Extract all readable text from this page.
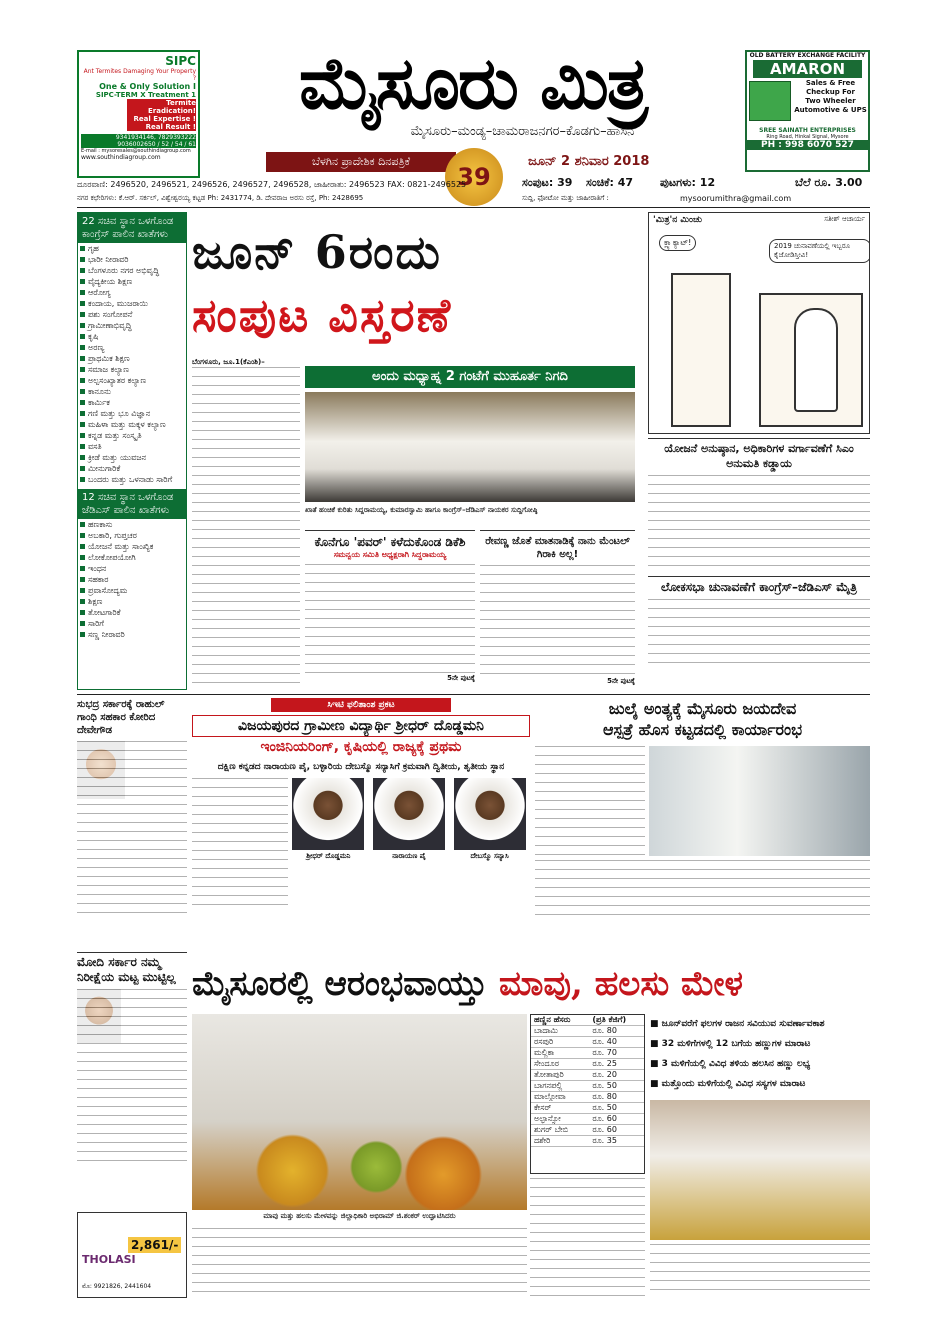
SIPC
Ant Termites Damaging Your Property ?
One & Only Solution I
SIPC-TERM X Treatment 1
Termite Eradication!
Real Expertise !
Real Result !
9341934146, 7829393222
9036002650 / 52 / 54 / 61
E-mail : mysoresales@southindiagroup.com
www.southindiagroup.com
ಮೈಸೂರು ಮಿತ್ರ
ಮೈಸೂರು–ಮಂಡ್ಯ–ಚಾಮರಾಜನಗರ–ಕೊಡಗು–ಹಾಸನ
ಬೆಳಗಿನ ಪ್ರಾದೇಶಿಕ ದಿನಪತ್ರಿಕೆ
39
ಜೂನ್ 2 ಶನಿವಾರ 2018
OLD BATTERY EXCHANGE FACILITY
AMARON
Sales & Free
Checkup For
Two Wheeler
Automotive & UPS
SREE SAINATH ENTERPRISES
Ring Road, Hinkal Signal, Mysore
PH : 998 6070 527
ಸಂಪುಟ: 39 ಸಂಚಿಕೆ: 47 ಪುಟಗಳು: 12	ಬೆಲೆ ರೂ. 3.00
ದೂರವಾಣಿ: 2496520, 2496521, 2496526, 2496527, 2496528, ಜಾಹೀರಾತು: 2496523 FAX: 0821-2496525
ನಗರ ಕಛೇರಿಗಳು: ಕೆ.ಆರ್. ಸರ್ಕಲ್, ವಿಶ್ವೇಶ್ವರಯ್ಯ ಕಟ್ಟಡ Ph: 2431774, ಡಿ. ದೇವರಾಜ ಅರಸು ರಸ್ತೆ, Ph: 2428695	ಸುದ್ದಿ, ಫೋಟೋ ಮತ್ತು ಜಾಹೀರಾತಿಗೆ :	mysoorumithra@gmail.com
22 ಸಚಿವ ಸ್ಥಾನ ಒಳಗೊಂಡ ಕಾಂಗ್ರೆಸ್ ಪಾಲಿನ ಖಾತೆಗಳು
ಗೃಹ
ಭಾರೀ ನೀರಾವರಿ
ಬೆಂಗಳೂರು ನಗರ ಅಭಿವೃದ್ಧಿ
ವೈದ್ಯಕೀಯ ಶಿಕ್ಷಣ
ಆರೋಗ್ಯ
ಕಂದಾಯ, ಮುಜರಾಯಿ
ಪಶು ಸಂಗೋಪನೆ
ಗ್ರಾಮೀಣಾಭಿವೃದ್ಧಿ
ಕೃಷಿ
ಅರಣ್ಯ
ಪ್ರಾಥಮಿಕ ಶಿಕ್ಷಣ
ಸಮಾಜ ಕಲ್ಯಾಣ
ಅಲ್ಪಸಂಖ್ಯಾತರ ಕಲ್ಯಾಣ
ಕಾನೂನು
ಕಾರ್ಮಿಕ
ಗಣಿ ಮತ್ತು ಭೂ ವಿಜ್ಞಾನ
ಮಹಿಳಾ ಮತ್ತು ಮಕ್ಕಳ ಕಲ್ಯಾಣ
ಕನ್ನಡ ಮತ್ತು ಸಂಸ್ಕೃತಿ
ವಸತಿ
ಕ್ರೀಡೆ ಮತ್ತು ಯುವಜನ
ಮೀನುಗಾರಿಕೆ
ಬಂದರು ಮತ್ತು ಒಳನಾಡು ಸಾರಿಗೆ
12 ಸಚಿವ ಸ್ಥಾನ ಒಳಗೊಂಡ ಜೆಡಿಎಸ್ ಪಾಲಿನ ಖಾತೆಗಳು
ಹಣಕಾಸು
ಅಬಕಾರಿ, ಗುಪ್ತಚರ
ಯೋಜನೆ ಮತ್ತು ಸಾಂಖ್ಯಿಕ
ಲೋಕೋಪಯೋಗಿ
ಇಂಧನ
ಸಹಕಾರ
ಪ್ರವಾಸೋದ್ಯಮ
ಶಿಕ್ಷಣ
ತೋಟಗಾರಿಕೆ
ಸಾರಿಗೆ
ಸಣ್ಣ ನೀರಾವರಿ
ಜೂನ್ 6ರಂದು
ಸಂಪುಟ ವಿಸ್ತರಣೆ
ಬೆಂಗಳೂರು, ಜೂ.1(ಕೆಎಂಶಿ)–
ಅಂದು ಮಧ್ಯಾಹ್ನ 2 ಗಂಟೆಗೆ ಮುಹೂರ್ತ ನಿಗದಿ
ಖಾತೆ ಹಂಚಿಕೆ ಕುರಿತು ಸಿದ್ದರಾಮಯ್ಯ, ಕುಮಾರಸ್ವಾಮಿ ಹಾಗೂ ಕಾಂಗ್ರೆಸ್–ಜೆಡಿಎಸ್ ನಾಯಕರ ಸುದ್ದಿಗೋಷ್ಠಿ
ಕೊನೆಗೂ 'ಪವರ್' ಕಳೆದುಕೊಂಡ ಡಿಕೆಶಿ
ಸಮನ್ವಯ ಸಮಿತಿ ಅಧ್ಯಕ್ಷರಾಗಿ ಸಿದ್ದರಾಮಯ್ಯ
5ನೇ ಪುಟಕ್ಕೆ
ರೇವಣ್ಣ ಜೊತೆ ಮಾತನಾಡಿಕ್ಕೆ ನಾನು ಮೆಂಟಲ್ ಗಿರಾಕಿ ಅಲ್ಲ!
5ನೇ ಪುಟಕ್ಕೆ
'ಮಿತ್ರ'ನ ಮಿಂಚು	ಸತೀಶ್ ಆಚಾರ್ಯ
ಕ್ಲ್ಯಾಕ್ಯಾಟ್!	2019 ಚುನಾವಣೆಯಲ್ಲಿ ಇಬ್ಬರೂ ಕೈಜೋಡಿಸ್ತೀವಿ!
ಯೋಜನೆ ಅನುಷ್ಠಾನ, ಅಧಿಕಾರಿಗಳ ವರ್ಗಾವಣೆಗೆ ಸಿಎಂ ಅನುಮತಿ ಕಡ್ಡಾಯ
ಲೋಕಸಭಾ ಚುನಾವಣೆಗೆ ಕಾಂಗ್ರೆಸ್–ಜೆಡಿಎಸ್ ಮೈತ್ರಿ
ಸುಭದ್ರ ಸರ್ಕಾರಕ್ಕೆ ರಾಹುಲ್ ಗಾಂಧಿ ಸಹಕಾರ ಕೋರಿದ ದೇವೇಗೌಡ
ಸಿಇಟಿ ಫಲಿತಾಂಶ ಪ್ರಕಟ
ವಿಜಯಪುರದ ಗ್ರಾಮೀಣ ವಿದ್ಯಾರ್ಥಿ ಶ್ರೀಧರ್ ದೊಡ್ಡಮನಿ
ಇಂಜಿನಿಯರಿಂಗ್, ಕೃಷಿಯಲ್ಲಿ ರಾಜ್ಯಕ್ಕೆ ಪ್ರಥಮ
ದಕ್ಷಿಣ ಕನ್ನಡದ ನಾರಾಯಣ ಪೈ, ಬಳ್ಳಾರಿಯ ದೇಬಸ್ಮೊ ಸನ್ಯಾಸಿಗೆ ಕ್ರಮವಾಗಿ ದ್ವಿತೀಯ, ತೃತೀಯ ಸ್ಥಾನ
ಶ್ರೀಧರ್ ದೊಡ್ಡಮನಿ	ನಾರಾಯಣ ಪೈ	ದೇಬಸ್ಮೊ ಸನ್ಯಾಸಿ
ಜುಲೈ ಅಂತ್ಯಕ್ಕೆ ಮೈಸೂರು ಜಯದೇವ
ಆಸ್ಪತ್ರೆ ಹೊಸ ಕಟ್ಟಡದಲ್ಲಿ ಕಾರ್ಯಾರಂಭ
ಮೈಸೂರಲ್ಲಿ ಆರಂಭವಾಯ್ತು ಮಾವು, ಹಲಸು ಮೇಳ
ಮೋದಿ ಸರ್ಕಾರ ನಮ್ಮ ನಿರೀಕ್ಷೆಯ ಮಟ್ಟ ಮುಟ್ಟಿಲ್ಲ
ಮಾವು ಮತ್ತು ಹಲಸು ಮೇಳವನ್ನು ಜಿಲ್ಲಾಧಿಕಾರಿ ಅಭಿರಾಮ್ ಜಿ.ಶಂಕರ್ ಉದ್ಘಾಟಿಸಿದರು
ಹಣ್ಣಿನ ಹೆಸರು	(ಪ್ರತಿ ಕೆಜಿಗೆ)
ಬಾದಾಮಿ	ರೂ. 80
ರಸಪುರಿ	ರೂ. 40
ಮಲ್ಲಿಕಾ	ರೂ. 70
ಸೇಂದೂರ	ರೂ. 25
ತೋತಾಪುರಿ	ರೂ. 20
ಬಾಗನಪಲ್ಲಿ	ರೂ. 50
ಮಾಲ್ಗೋವಾ	ರೂ. 80
ಕೇಸರ್	ರೂ. 50
ಅಲ್ಫಾನ್ಸೋ	ರೂ. 60
ಶುಗರ್ ಬೇಬಿ	ರೂ. 60
ದಶೇರಿ	ರೂ. 35
■ ಜೂನ್‌ವರೆಗೆ ಫಲಗಳ ರಾಜನ ಸವಿಯುವ ಸುವರ್ಣಾವಕಾಶ
■ 32 ಮಳಿಗೆಗಳಲ್ಲಿ 12 ಬಗೆಯ ಹಣ್ಣುಗಳ ಮಾರಾಟ
■ 3 ಮಳಿಗೆಯಲ್ಲಿ ವಿವಿಧ ತಳಿಯ ಹಲಸಿನ ಹಣ್ಣು ಲಭ್ಯ
■ ಮತ್ತೊಂದು ಮಳಿಗೆಯಲ್ಲಿ ವಿವಿಧ ಸಸ್ಯಗಳ ಮಾರಾಟ
THOLASI
2,861/-
ಮೊ: 9921826, 2441604
